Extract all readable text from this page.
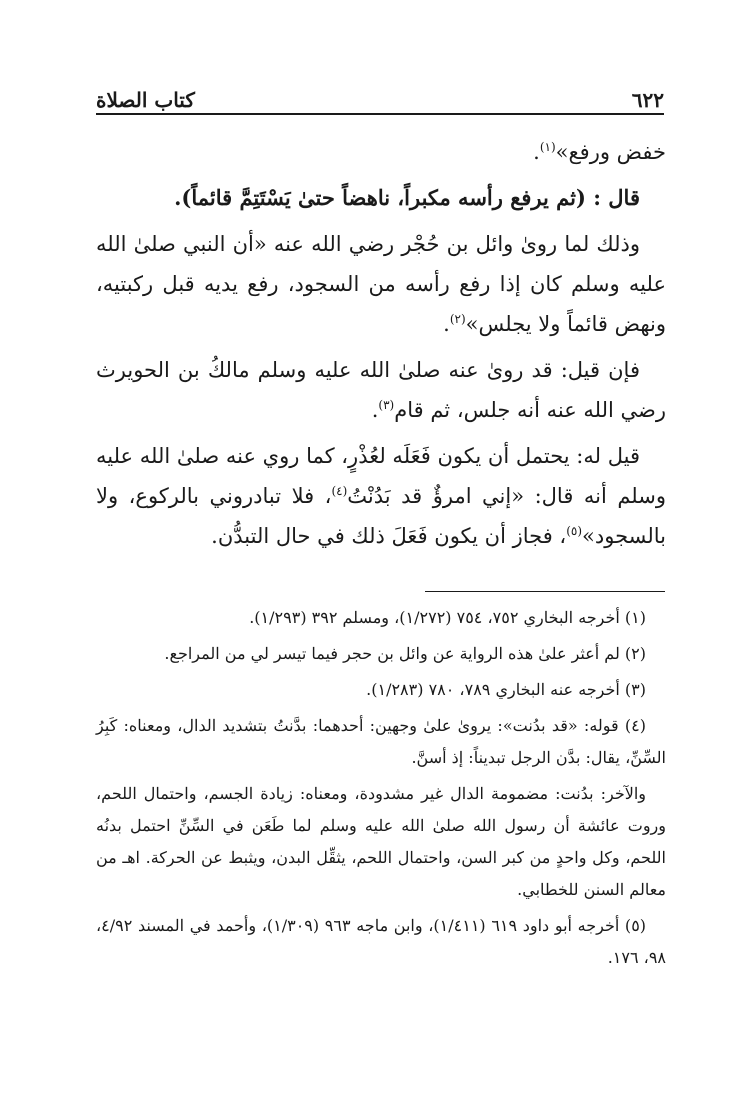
٦٢٢
كتاب الصلاة

خفض ورفع»$^{(١)}$.

قال : (ثم يرفع رأسه مكبراً، ناهضاً حتىٰ يَسْتَتِمَّ قائماً).

وذلك لما روىٰ وائل بن حُجْر رضي الله عنه «أن النبي صلىٰ الله عليه وسلم كان إذا رفع رأسه من السجود، رفع يديه قبل ركبتيه، ونهض قائماً ولا يجلس»$^{(٢)}$.

فإن قيل: قد روىٰ عنه صلىٰ الله عليه وسلم مالكُ بن الحويرث رضي الله عنه أنه جلس، ثم قام$^{(٣)}$.

قيل له: يحتمل أن يكون فَعَلَه لعُذْرٍ، كما روي عنه صلىٰ الله عليه وسلم أنه قال: «إني امرؤٌ قد بَدُنْتُ$^{(٤)}$، فلا تبادروني بالركوع، ولا بالسجود»$^{(٥)}$، فجاز أن يكون فَعَلَ ذلك في حال التبدُّن.

(١) أخرجه البخاري ٧٥٢، ٧٥٤ (١/٢٧٢)، ومسلم ٣٩٢ (١/٢٩٣).

(٢) لم أعثر علىٰ هذه الرواية عن وائل بن حجر فيما تيسر لي من المراجع.

(٣) أخرجه عنه البخاري ٧٨٩، ٧٨٠ (١/٢٨٣).

(٤) قوله: «قد بدُنت»: يروىٰ علىٰ وجهين: أحدهما: بدَّنتُ بتشديد الدال، ومعناه: كَبِرُ السِّنِّ، يقال: بدَّن الرجل تبديناً: إذ أسنَّ.

والآخر: بدُنت: مضمومة الدال غير مشدودة، ومعناه: زيادة الجسم، واحتمال اللحم، وروت عائشة أن رسول الله صلىٰ الله عليه وسلم لما طَعَن في السِّنِّ احتمل بدنُه اللحم، وكل واحدٍ من كبر السن، واحتمال اللحم، يثقِّل البدن، ويثبط عن الحركة. اهـ من معالم السنن للخطابي.

(٥) أخرجه أبو داود ٦١٩ (١/٤١١)، وابن ماجه ٩٦٣ (١/٣٠٩)، وأحمد في المسند ٤/٩٢، ٩٨، ١٧٦.
